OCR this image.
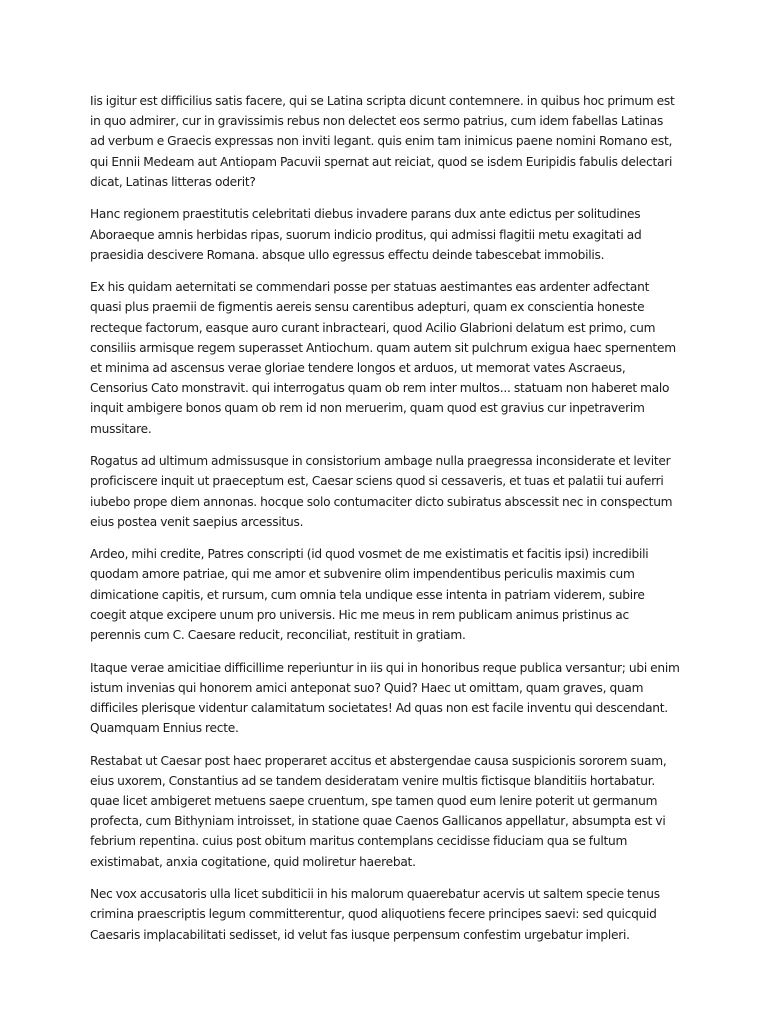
Iis igitur est difficilius satis facere, qui se Latina scripta dicunt contemnere. in quibus hoc primum est in quo admirer, cur in gravissimis rebus non delectet eos sermo patrius, cum idem fabellas Latinas ad verbum e Graecis expressas non inviti legant. quis enim tam inimicus paene nomini Romano est, qui Ennii Medeam aut Antiopam Pacuvii spernat aut reiciat, quod se isdem Euripidis fabulis delectari dicat, Latinas litteras oderit?

Hanc regionem praestitutis celebritati diebus invadere parans dux ante edictus per solitudines Aboraeque amnis herbidas ripas, suorum indicio proditus, qui admissi flagitii metu exagitati ad praesidia descivere Romana. absque ullo egressus effectu deinde tabescebat immobilis.

Ex his quidam aeternitati se commendari posse per statuas aestimantes eas ardenter adfectant quasi plus praemii de figmentis aereis sensu carentibus adepturi, quam ex conscientia honeste recteque factorum, easque auro curant inbracteari, quod Acilio Glabrioni delatum est primo, cum consiliis armisque regem superasset Antiochum. quam autem sit pulchrum exigua haec spernentem et minima ad ascensus verae gloriae tendere longos et arduos, ut memorat vates Ascraeus, Censorius Cato monstravit. qui interrogatus quam ob rem inter multos... statuam non haberet malo inquit ambigere bonos quam ob rem id non meruerim, quam quod est gravius cur inpetraverim mussitare.

Rogatus ad ultimum admissusque in consistorium ambage nulla praegressa inconsiderate et leviter proficiscere inquit ut praeceptum est, Caesar sciens quod si cessaveris, et tuas et palatii tui auferri iubebo prope diem annonas. hocque solo contumaciter dicto subiratus abscessit nec in conspectum eius postea venit saepius arcessitus.

Ardeo, mihi credite, Patres conscripti (id quod vosmet de me existimatis et facitis ipsi) incredibili quodam amore patriae, qui me amor et subvenire olim impendentibus periculis maximis cum dimicatione capitis, et rursum, cum omnia tela undique esse intenta in patriam viderem, subire coegit atque excipere unum pro universis. Hic me meus in rem publicam animus pristinus ac perennis cum C. Caesare reducit, reconciliat, restituit in gratiam.

Itaque verae amicitiae difficillime reperiuntur in iis qui in honoribus reque publica versantur; ubi enim istum invenias qui honorem amici anteponat suo? Quid? Haec ut omittam, quam graves, quam difficiles plerisque videntur calamitatum societates! Ad quas non est facile inventu qui descendant. Quamquam Ennius recte.

Restabat ut Caesar post haec properaret accitus et abstergendae causa suspicionis sororem suam, eius uxorem, Constantius ad se tandem desideratam venire multis fictisque blanditiis hortabatur. quae licet ambigeret metuens saepe cruentum, spe tamen quod eum lenire poterit ut germanum profecta, cum Bithyniam introisset, in statione quae Caenos Gallicanos appellatur, absumpta est vi febrium repentina. cuius post obitum maritus contemplans cecidisse fiduciam qua se fultum existimabat, anxia cogitatione, quid moliretur haerebat.

Nec vox accusatoris ulla licet subditicii in his malorum quaerebatur acervis ut saltem specie tenus crimina praescriptis legum committerentur, quod aliquotiens fecere principes saevi: sed quicquid Caesaris implacabilitati sedisset, id velut fas iusque perpensum confestim urgebatur impleri.
